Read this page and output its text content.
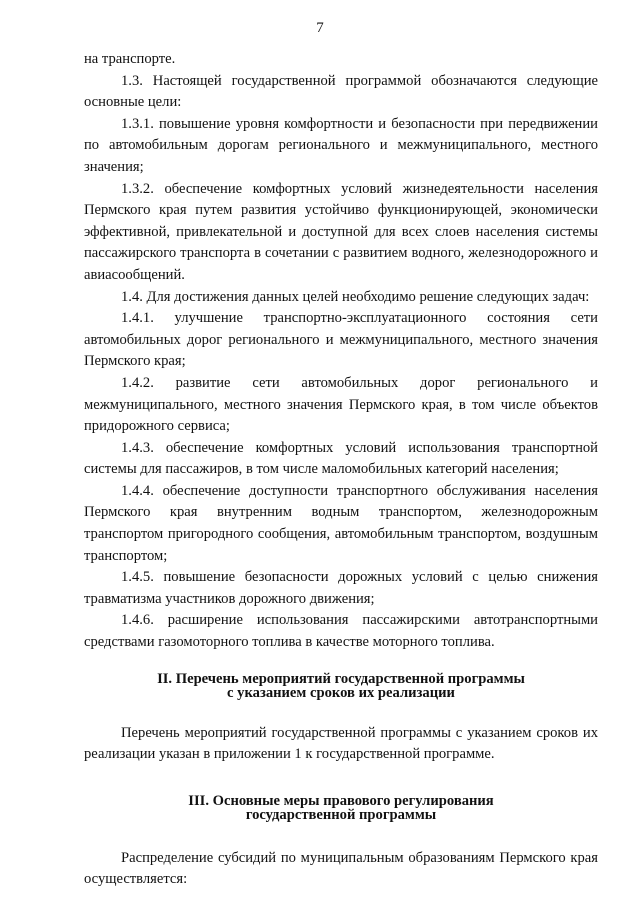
7

на транспорте.

1.3. Настоящей государственной программой обозначаются следующие основные цели:

1.3.1. повышение уровня комфортности и безопасности при передвижении по автомобильным дорогам регионального и межмуниципального, местного значения;

1.3.2. обеспечение комфортных условий жизнедеятельности населения Пермского края путем развития устойчиво функционирующей, экономически эффективной, привлекательной и доступной для всех слоев населения системы пассажирского транспорта в сочетании с развитием водного, железнодорожного и авиасообщений.

1.4. Для достижения данных целей необходимо решение следующих задач:

1.4.1. улучшение транспортно-эксплуатационного состояния сети автомобильных дорог регионального и межмуниципального, местного значения Пермского края;

1.4.2. развитие сети автомобильных дорог регионального и межмуниципального, местного значения Пермского края, в том числе объектов придорожного сервиса;

1.4.3. обеспечение комфортных условий использования транспортной системы для пассажиров, в том числе маломобильных категорий населения;

1.4.4. обеспечение доступности транспортного обслуживания населения Пермского края внутренним водным транспортом, железнодорожным транспортом пригородного сообщения, автомобильным транспортом, воздушным транспортом;

1.4.5. повышение безопасности дорожных условий с целью снижения травматизма участников дорожного движения;

1.4.6. расширение использования пассажирскими автотранспортными средствами газомоторного топлива в качестве моторного топлива.

II. Перечень мероприятий государственной программы

с указанием сроков их реализации

Перечень мероприятий государственной программы с указанием сроков их реализации указан в приложении 1 к государственной программе.

III. Основные меры правового регулирования

государственной программы

Распределение субсидий по муниципальным образованиям Пермского края осуществляется:
